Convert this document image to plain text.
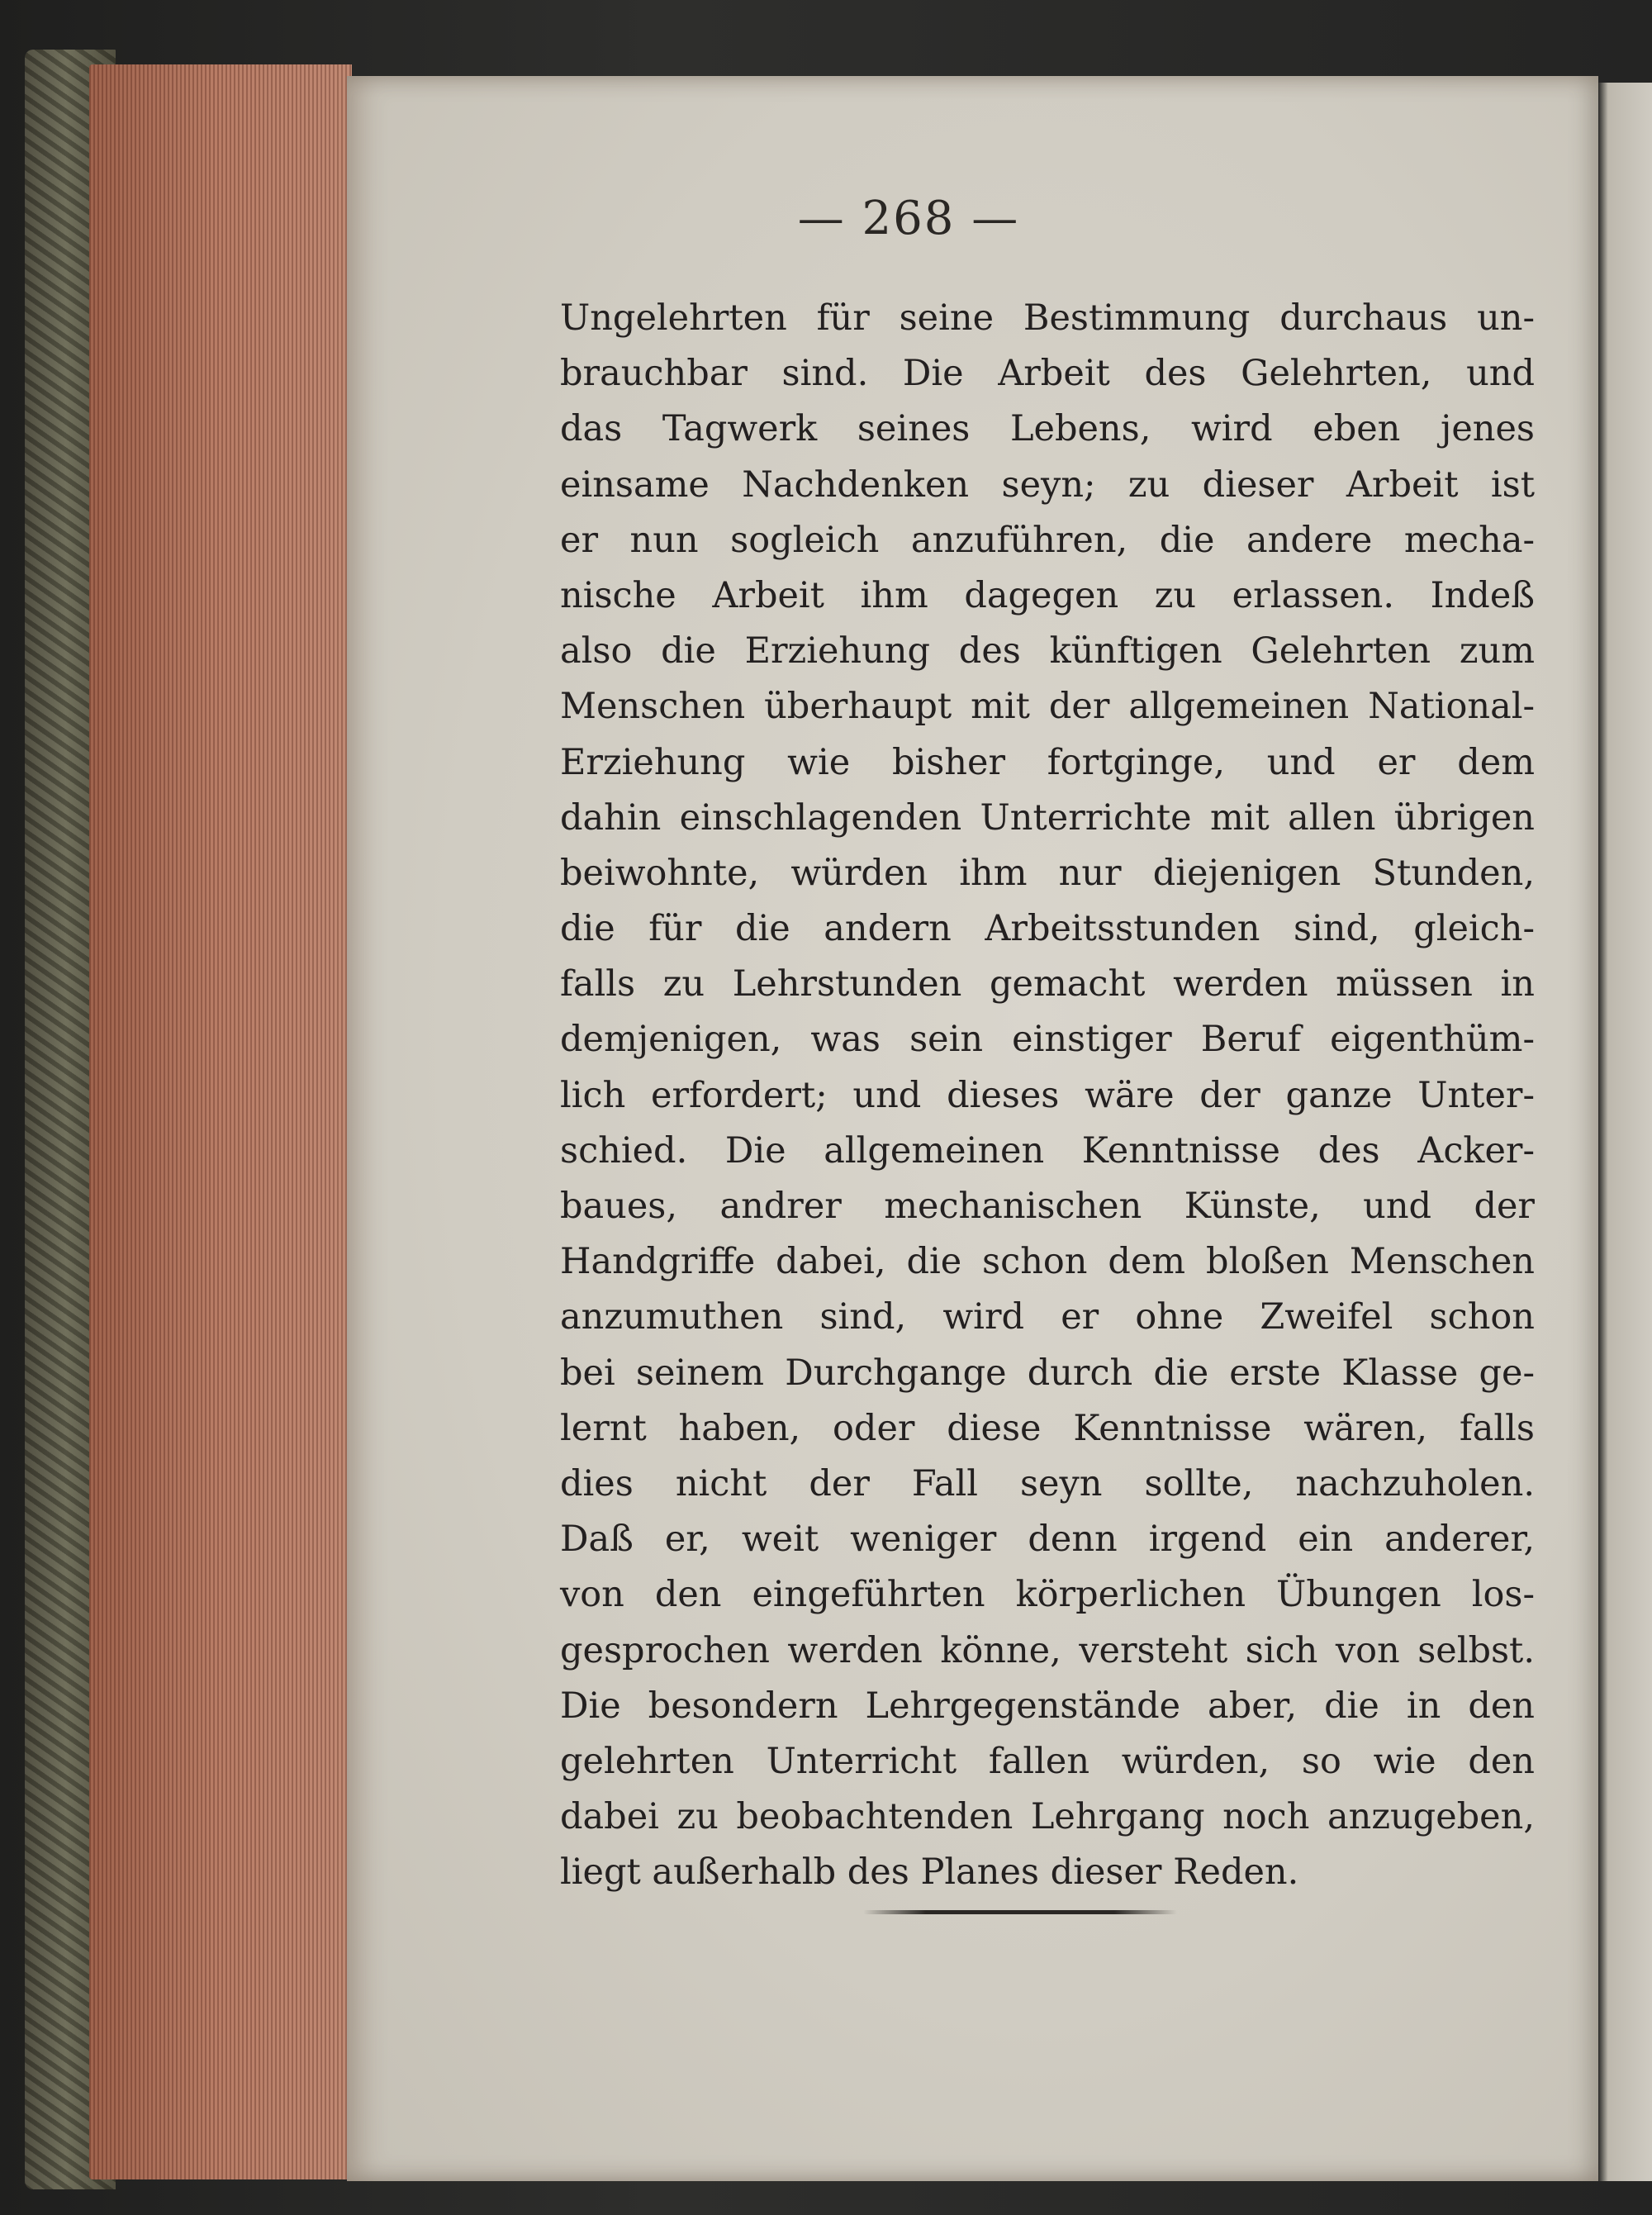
— 268 —
Ungelehrten für seine Bestimmung durchaus un-
brauchbar sind. Die Arbeit des Gelehrten, und
das Tagwerk seines Lebens, wird eben jenes
einsame Nachdenken seyn; zu dieser Arbeit ist
er nun sogleich anzuführen, die andere mecha-
nische Arbeit ihm dagegen zu erlassen. Indeß
also die Erziehung des künftigen Gelehrten zum
Menschen überhaupt mit der allgemeinen National-
Erziehung wie bisher fortginge, und er dem
dahin einschlagenden Unterrichte mit allen übrigen
beiwohnte, würden ihm nur diejenigen Stunden,
die für die andern Arbeitsstunden sind, gleich-
falls zu Lehrstunden gemacht werden müssen in
demjenigen, was sein einstiger Beruf eigenthüm-
lich erfordert; und dieses wäre der ganze Unter-
schied. Die allgemeinen Kenntnisse des Acker-
baues, andrer mechanischen Künste, und der
Handgriffe dabei, die schon dem bloßen Menschen
anzumuthen sind, wird er ohne Zweifel schon
bei seinem Durchgange durch die erste Klasse ge-
lernt haben, oder diese Kenntnisse wären, falls
dies nicht der Fall seyn sollte, nachzuholen.
Daß er, weit weniger denn irgend ein anderer,
von den eingeführten körperlichen Übungen los-
gesprochen werden könne, versteht sich von selbst.
Die besondern Lehrgegenstände aber, die in den
gelehrten Unterricht fallen würden, so wie den
dabei zu beobachtenden Lehrgang noch anzugeben,
liegt außerhalb des Planes dieser Reden.
